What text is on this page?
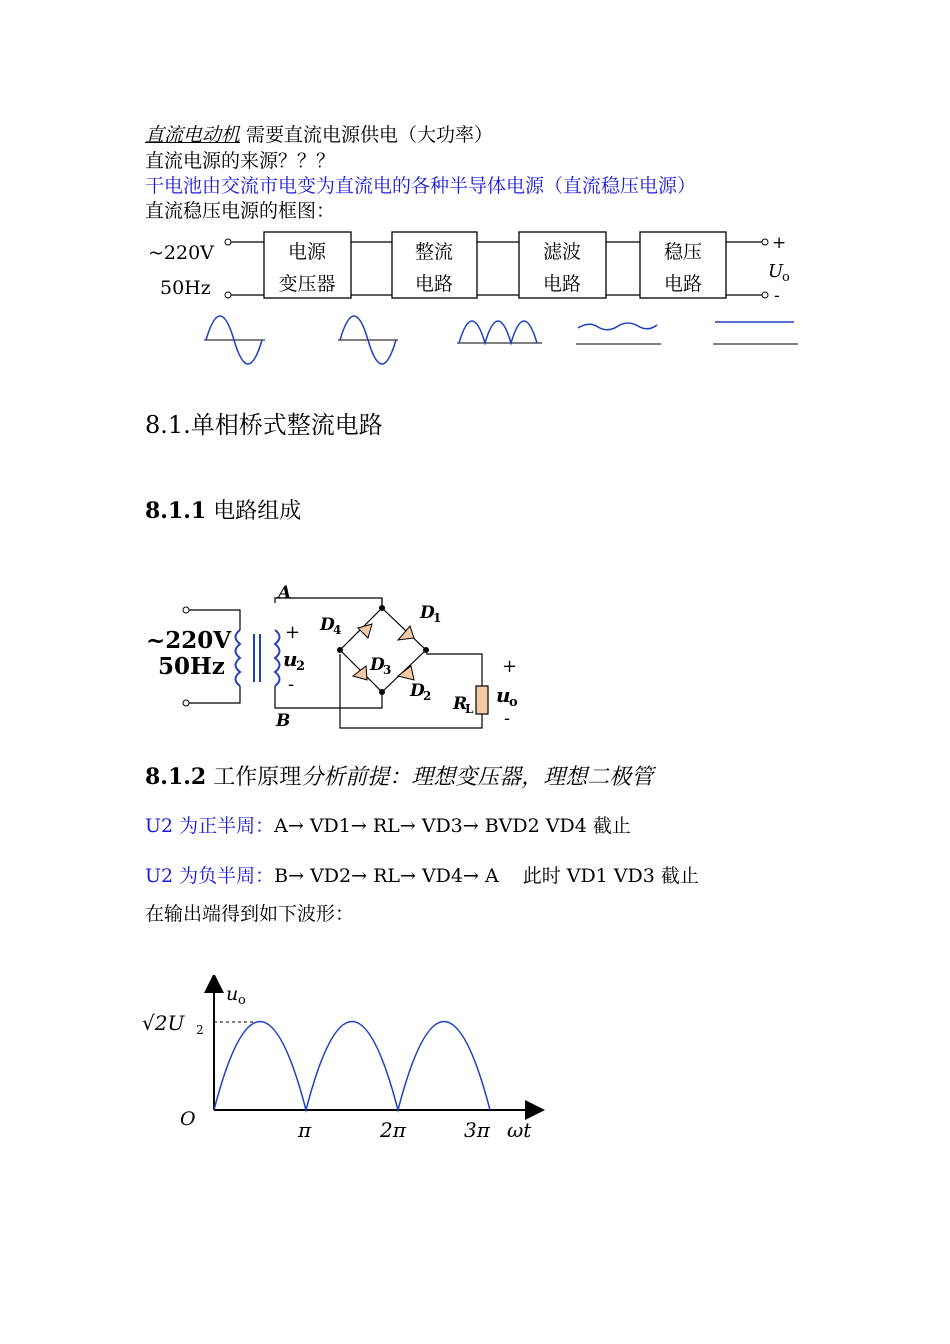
直流电动机 需要直流电源供电（大功率）
直流电源的来源？？？
干电池由交流市电变为直流电的各种半导体电源（直流稳压电源）
直流稳压电源的框图：
~220V
50Hz
电源
变压器
整流
电路
滤波
电路
稳压
电路
+
U
o
-
8.1.单相桥式整流电路
8.1.1 电路组成
~220V
50Hz
A
B
+
u
2
-
D
1
D
4
D
3
D
2 R
L
+
u
o
-
8.1.2 工作原理分析前提：理想变压器，理想二极管
U2 为正半周：A→ VD1→ RL→ VD3→ BVD2 VD4 截止
U2 为负半周：B→ VD2→ RL→ VD4→ A 此时 VD1 VD3 截止
在输出端得到如下波形：
u o
√2U 2
O	π	2π	3π ωt
